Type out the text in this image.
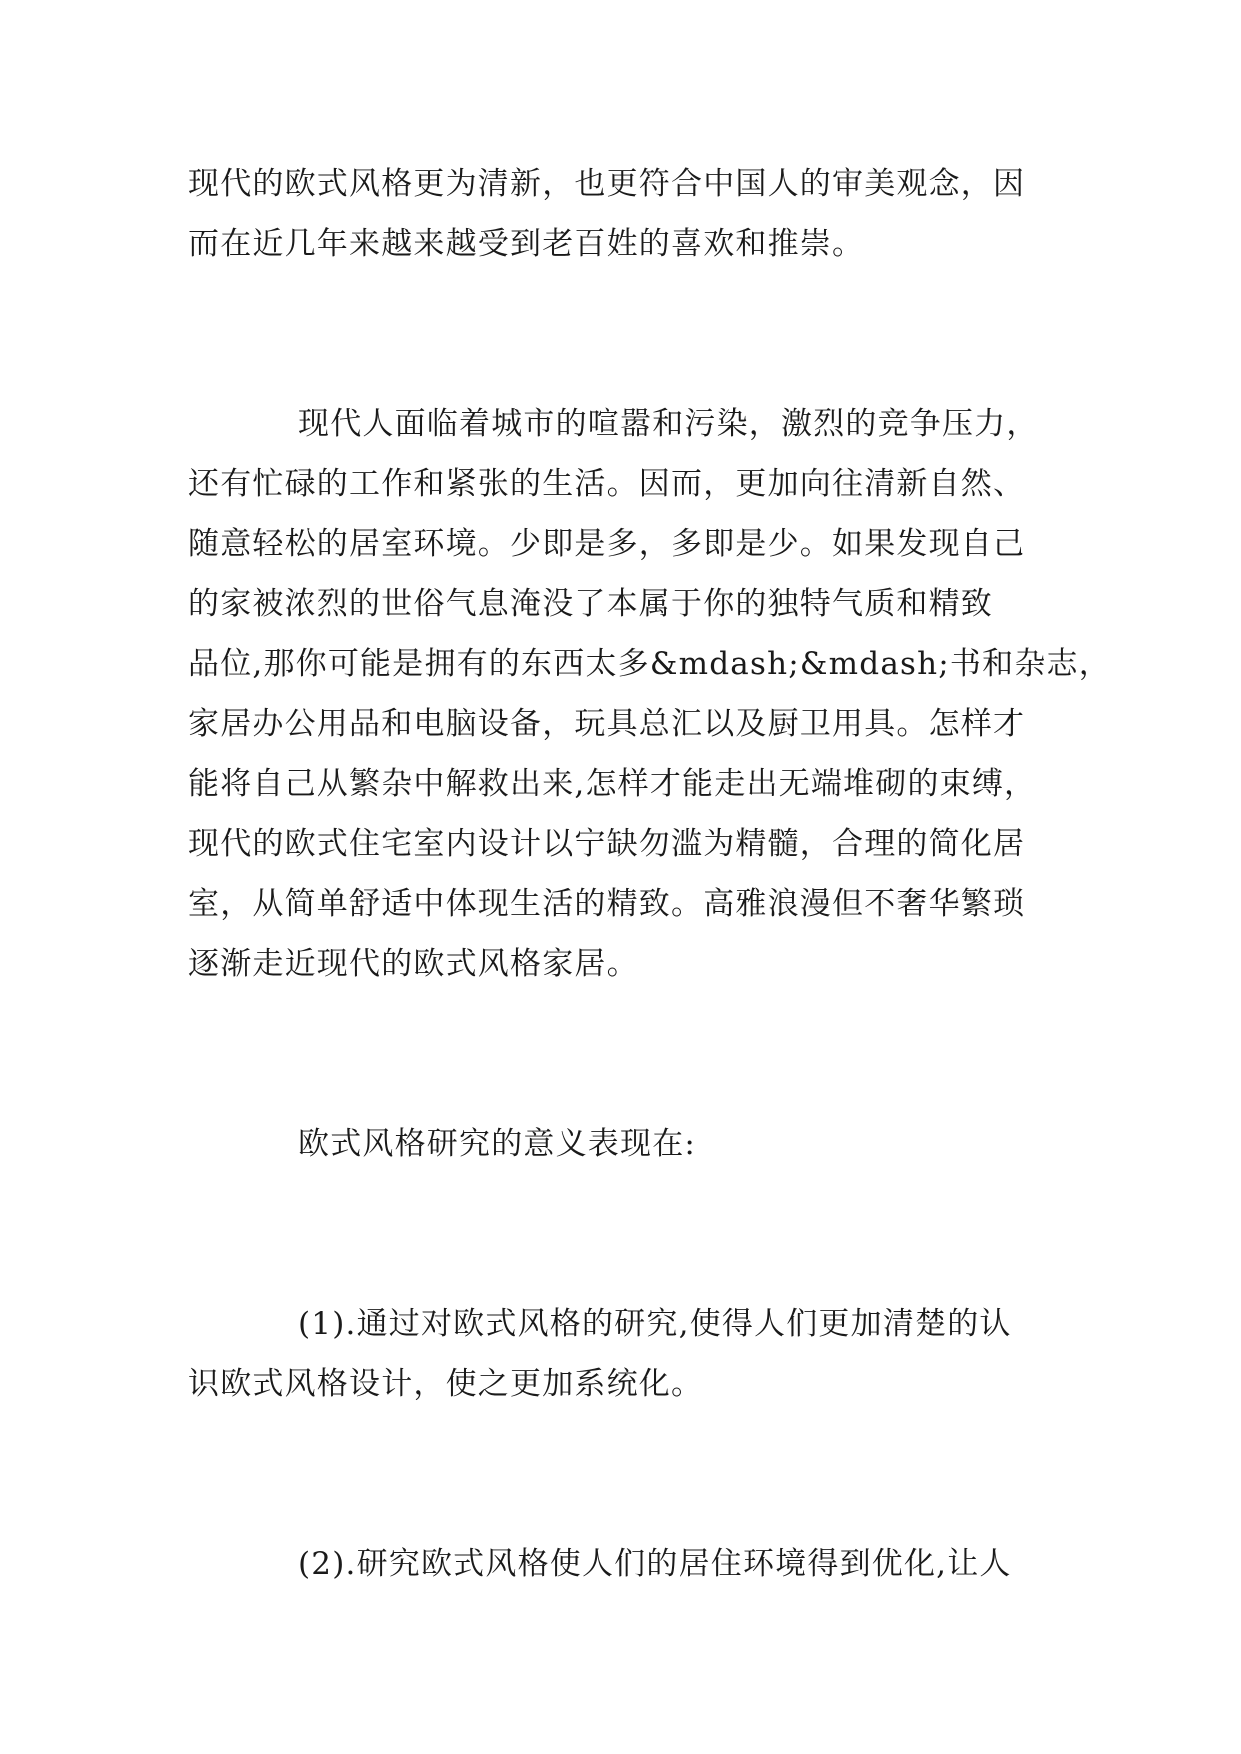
现代的欧式风格更为清新，也更符合中国人的审美观念，因
而在近几年来越来越受到老百姓的喜欢和推崇。
现代人面临着城市的喧嚣和污染，激烈的竞争压力，
还有忙碌的工作和紧张的生活。因而，更加向往清新自然、
随意轻松的居室环境。少即是多，多即是少。如果发现自己
的家被浓烈的世俗气息淹没了本属于你的独特气质和精致
品位,那你可能是拥有的东西太多&mdash;&mdash;书和杂志，
家居办公用品和电脑设备，玩具总汇以及厨卫用具。怎样才
能将自己从繁杂中解救出来,怎样才能走出无端堆砌的束缚，
现代的欧式住宅室内设计以宁缺勿滥为精髓，合理的简化居
室，从简单舒适中体现生活的精致。高雅浪漫但不奢华繁琐
逐渐走近现代的欧式风格家居。
欧式风格研究的意义表现在:
(1).通过对欧式风格的研究,使得人们更加清楚的认
识欧式风格设计，使之更加系统化。
(2).研究欧式风格使人们的居住环境得到优化,让人
